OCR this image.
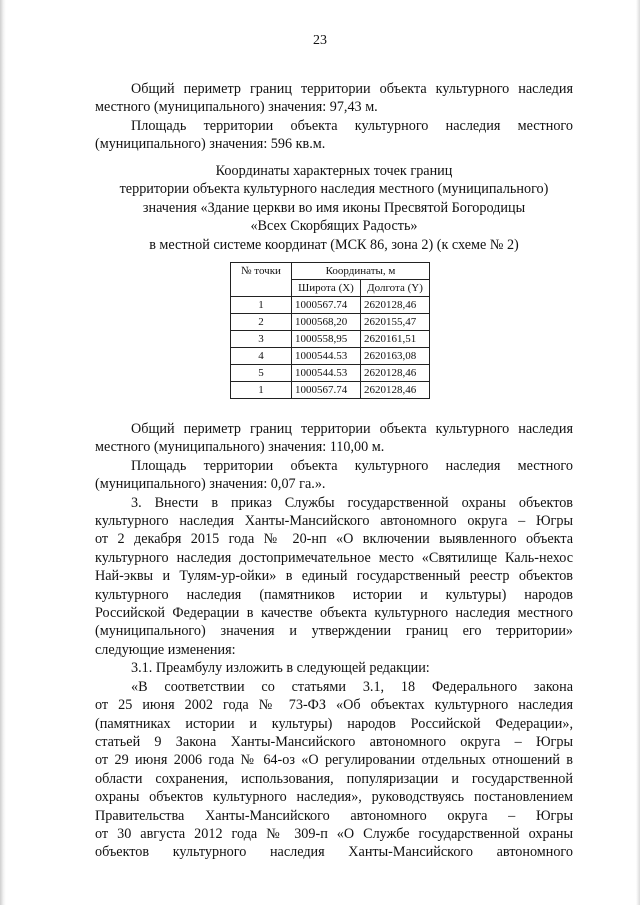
23

Общий периметр границ территории объекта культурного наследия
местного (муниципального) значения: 97,43 м.

Площадь территории объекта культурного наследия местного
(муниципального) значения: 596 кв.м.

Координаты характерных точек границ
территории объекта культурного наследия местного (муниципального)
значения «Здание церкви во имя иконы Пресвятой Богородицы
«Всех Скорбящих Радость»
в местной системе координат (МСК 86, зона 2) (к схеме № 2)
№ точки	Координаты, м	
	Широта (X)	Долгота (Y)
1	1000567.74	2620128,46
2	1000568,20	2620155,47
3	1000558,95	2620161,51
4	1000544.53	2620163,08
5	1000544.53	2620128,46
1	1000567.74	2620128,46

Общий периметр границ территории объекта культурного наследия
местного (муниципального) значения: 110,00 м.

Площадь территории объекта культурного наследия местного
(муниципального) значения: 0,07 га.».

3. Внести в приказ Службы государственной охраны объектов
культурного наследия Ханты-Мансийского автономного округа – Югры
от 2 декабря 2015 года № 20-нп «О включении выявленного объекта
культурного наследия достопримечательное место «Святилище Каль-нехос
Най-эквы и Тулям-ур-ойки» в единый государственный реестр объектов
культурного наследия (памятников истории и культуры) народов
Российской Федерации в качестве объекта культурного наследия местного
(муниципального) значения и утверждении границ его территории»
следующие изменения:

3.1. Преамбулу изложить в следующей редакции:

«В соответствии со статьями 3.1, 18 Федерального закона
от 25 июня 2002 года № 73-ФЗ «Об объектах культурного наследия
(памятниках истории и культуры) народов Российской Федерации»,
статьей 9 Закона Ханты-Мансийского автономного округа – Югры
от 29 июня 2006 года № 64-оз «О регулировании отдельных отношений в
области сохранения, использования, популяризации и государственной
охраны объектов культурного наследия», руководствуясь постановлением
Правительства Ханты-Мансийского автономного округа – Югры
от 30 августа 2012 года № 309-п «О Службе государственной охраны
объектов культурного наследия Ханты-Мансийского автономного
